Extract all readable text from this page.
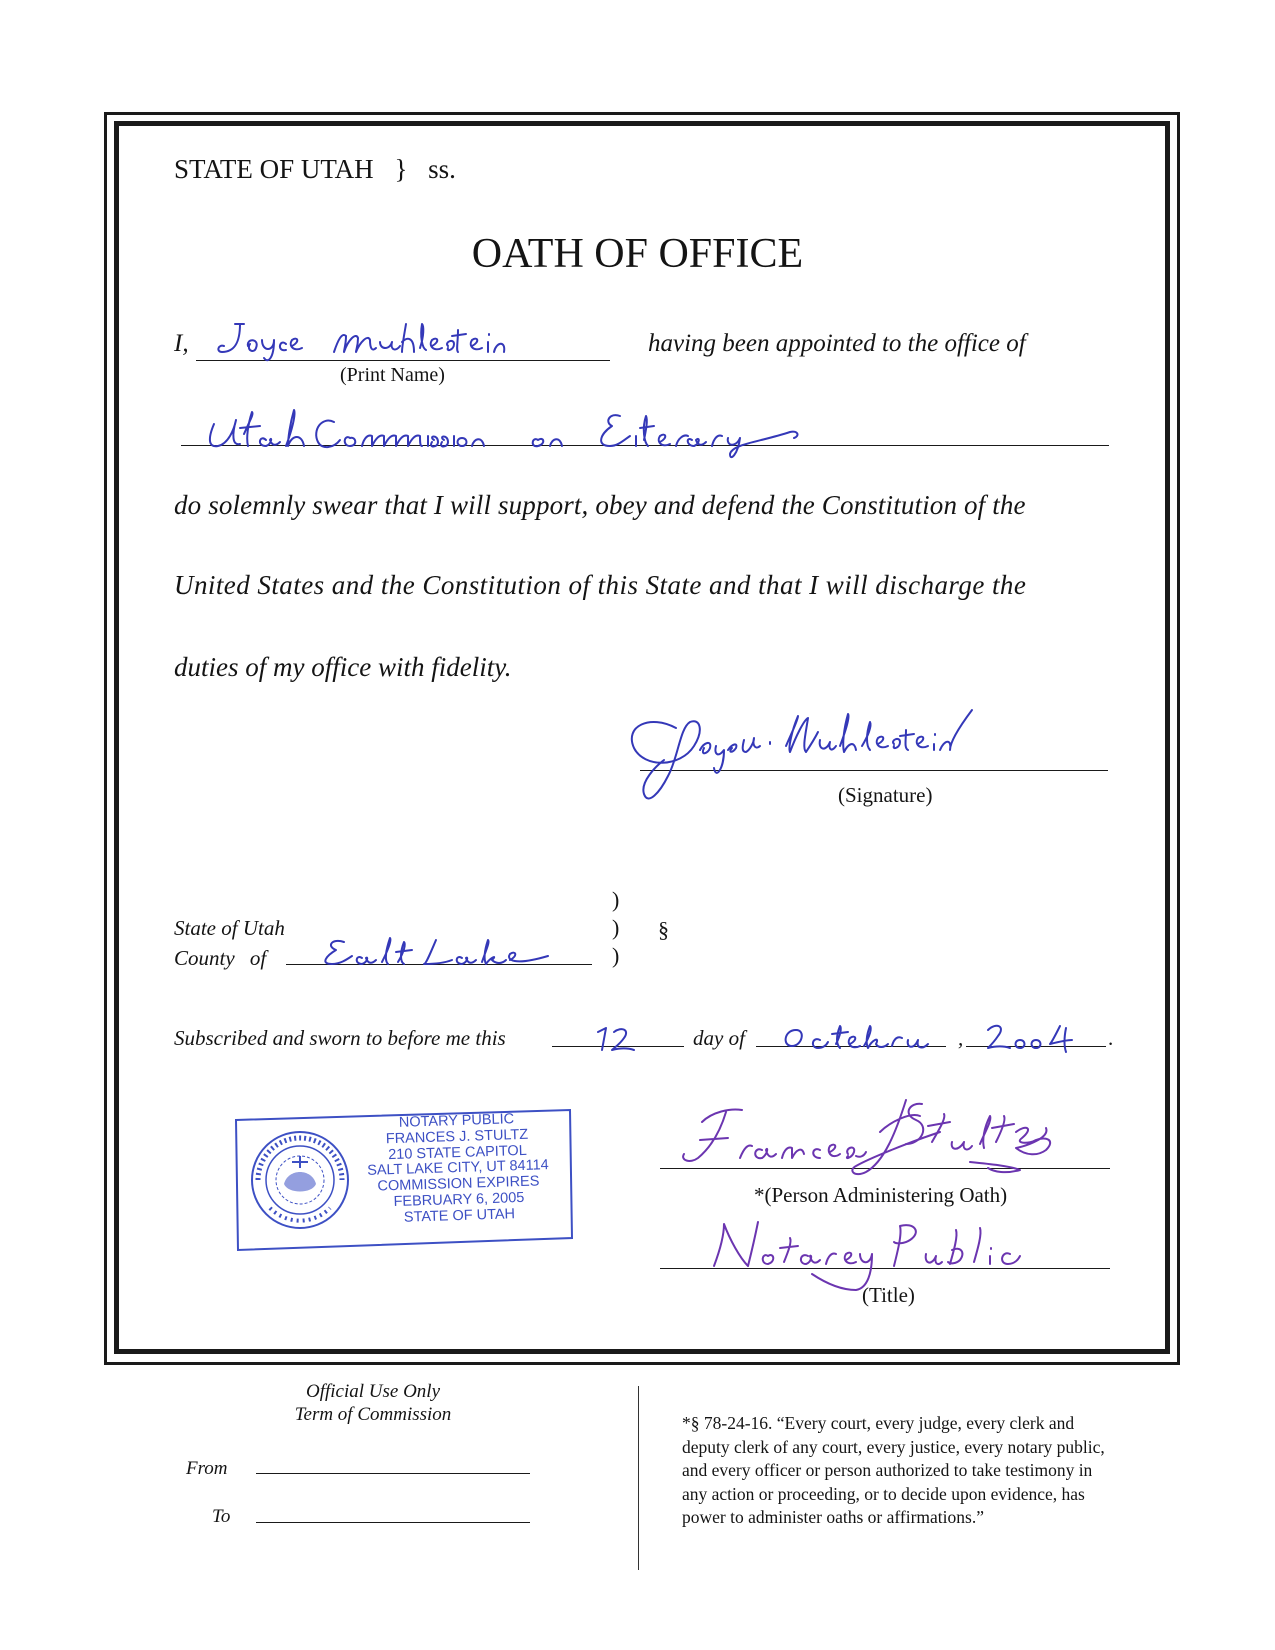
STATE OF UTAH } ss.
OATH OF OFFICE
I,
(Print Name)
having been appointed to the office of
do solemnly swear that I will support, obey and defend the Constitution of the
United States and the Constitution of this State and that I will discharge the
duties of my office with fidelity.
(Signature)
State of Utah
County of
)
)
)
§
Subscribed and sworn to before me this	day of	,	.
NOTARY PUBLIC
FRANCES J. STULTZ
210 STATE CAPITOL
SALT LAKE CITY, UT 84114
COMMISSION EXPIRES
FEBRUARY 6, 2005
STATE OF UTAH
*(Person Administering Oath)
(Title)
Official Use Only
Term of Commission
From
To
*§ 78-24-16. “Every court, every judge, every clerk and
deputy clerk of any court, every justice, every notary public,
and every officer or person authorized to take testimony in
any action or proceeding, or to decide upon evidence, has
power to administer oaths or affirmations.”
